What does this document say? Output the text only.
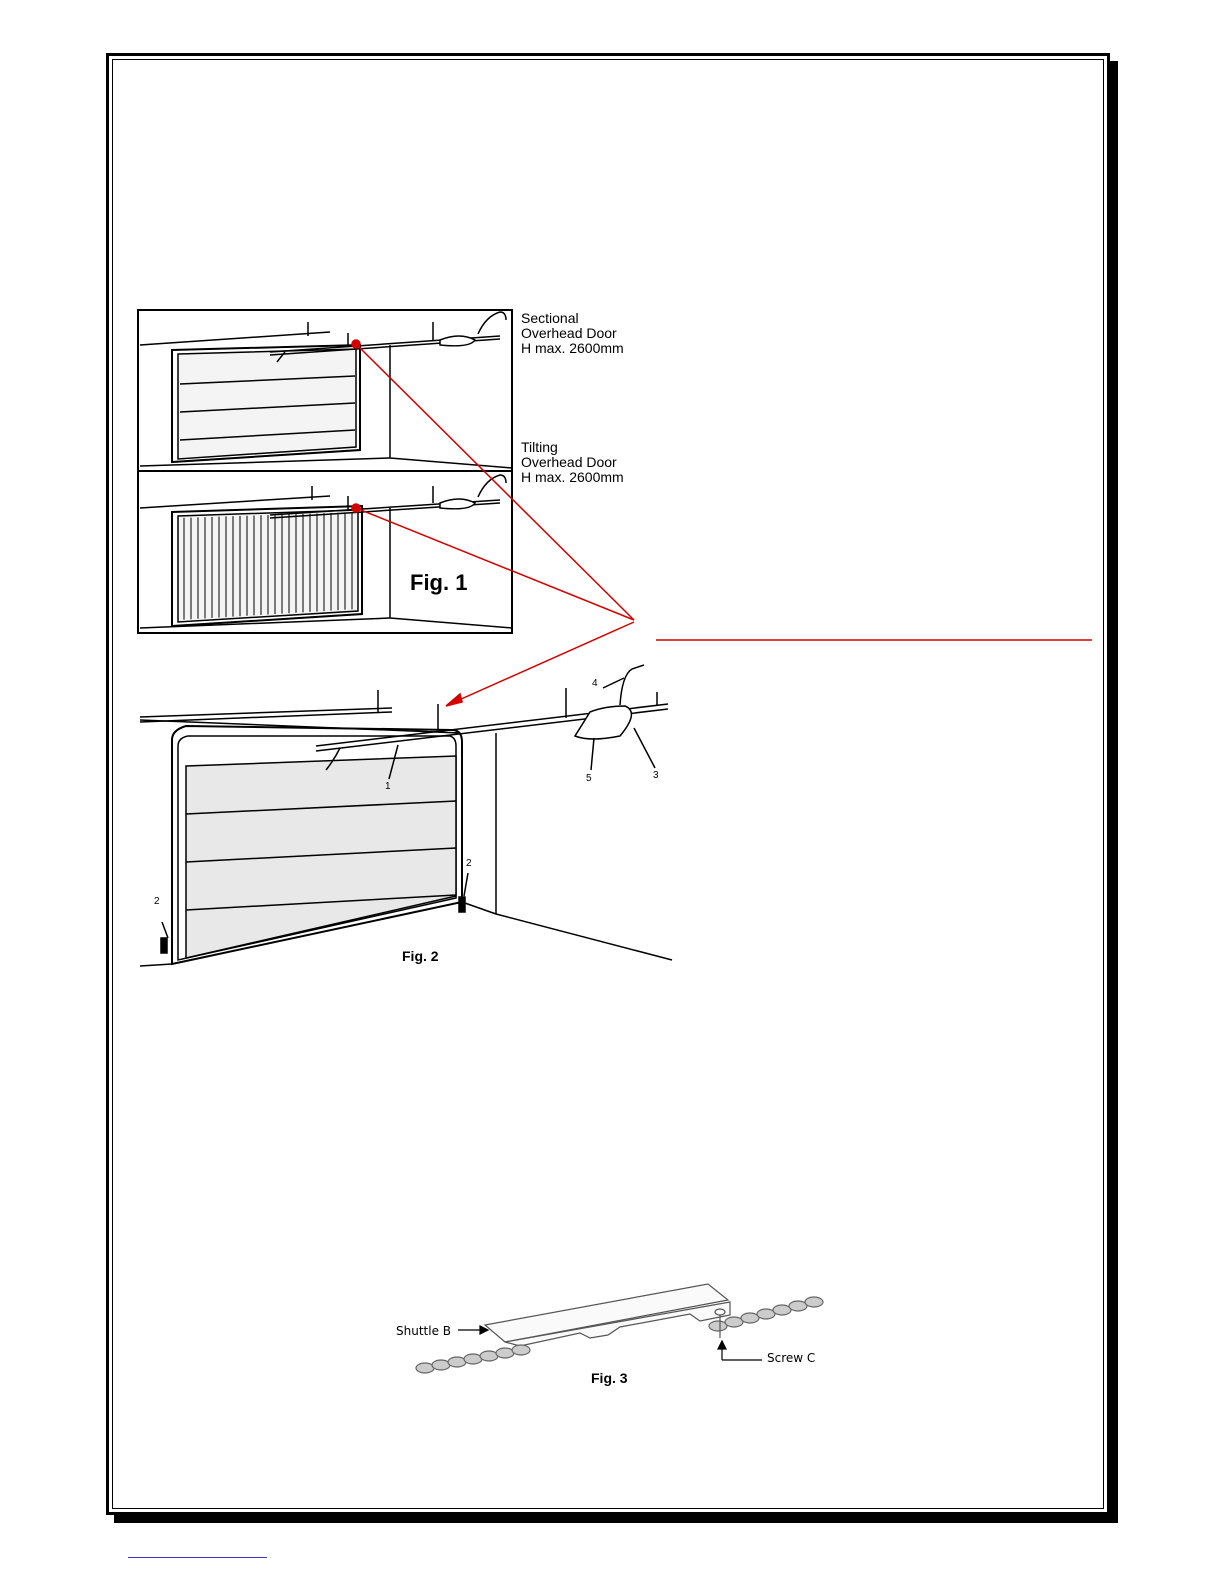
Sectional
Overhead Door
H max. 2600mm
Tilting
Overhead Door
H max. 2600mm
Fig. 1
Fig. 2
1
2
2
3
4
5
Shuttle B
Screw C
Fig. 3
